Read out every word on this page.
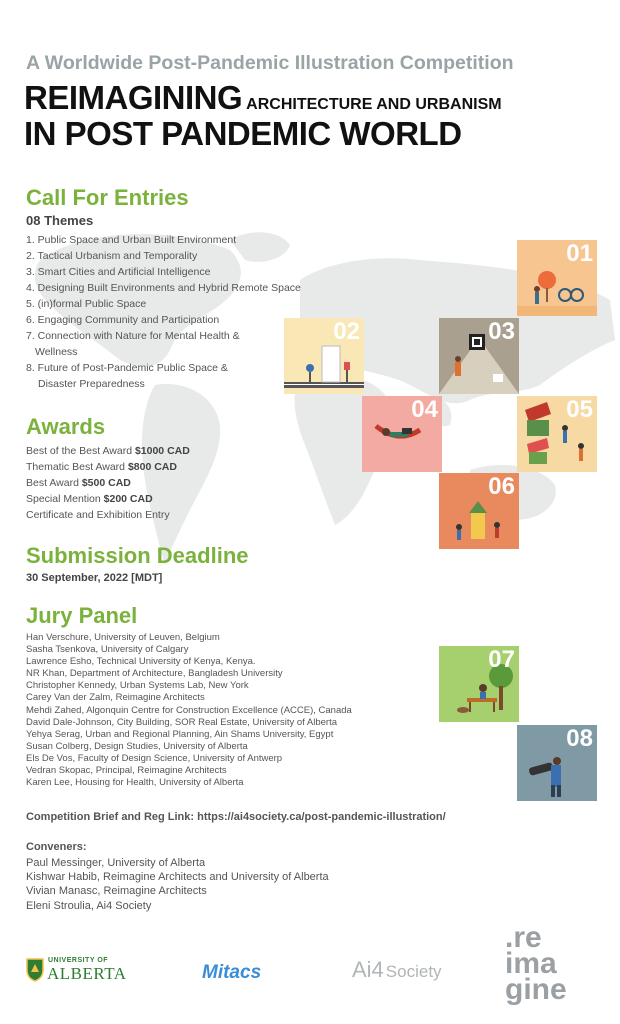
A Worldwide Post-Pandemic Illustration Competition
REIMAGINING ARCHITECTURE AND URBANISM
IN POST PANDEMIC WORLD
Call For Entries
08 Themes
1. Public Space and Urban Built Environment
2. Tactical Urbanism and Temporality
3. Smart Cities and Artificial Intelligence
4. Designing Built Environments and Hybrid Remote Space
5. (in)formal Public Space
6. Engaging Community and Participation
7. Connection with Nature for Mental Health &
Wellness
8. Future of Post-Pandemic Public Space &
Disaster Preparedness
Awards
Best of the Best Award $1000 CAD
Thematic Best Award $800 CAD
Best Award $500 CAD
Special Mention $200 CAD
Certificate and Exhibition Entry
Submission Deadline
30 September, 2022 [MDT]
Jury Panel
Han Verschure, University of Leuven, Belgium
Sasha Tsenkova, University of Calgary
Lawrence Esho, Technical University of Kenya, Kenya.
NR Khan, Department of Architecture, Bangladesh University
Christopher Kennedy, Urban Systems Lab, New York
Carey Van der Zalm, Reimagine Architects
Mehdi Zahed, Algonquin Centre for Construction Excellence (ACCE), Canada
David Dale-Johnson, City Building, SOR Real Estate, University of Alberta
Yehya Serag, Urban and Regional Planning, Ain Shams University, Egypt
Susan Colberg, Design Studies, University of Alberta
Els De Vos, Faculty of Design Science, University of Antwerp
Vedran Skopac, Principal, Reimagine Architects
Karen Lee, Housing for Health, University of Alberta
Competition Brief and Reg Link: https://ai4society.ca/post-pandemic-illustration/
Conveners:
Paul Messinger, University of Alberta
Kishwar Habib, Reimagine Architects and University of Alberta
Vivian Manasc, Reimagine Architects
Eleni Stroulia, Ai4 Society
01
02	03
04	05
06
07
08
UNIVERSITY OF
ALBERTA	Mitacs	Ai4 Society
.re
ima
gine
